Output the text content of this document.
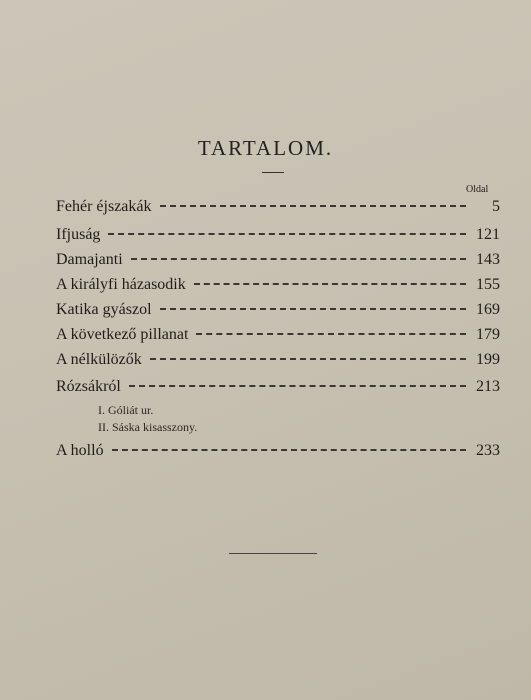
TARTALOM.
Oldal
Fehér éjszakák	5
Ifjuság	121
Damajanti	143
A királyfi házasodik	155
Katika gyászol	169
A következő pillanat	179
A nélkülözők	199
Rózsákról	213
I. Góliát ur.
II. Sáska kisasszony.
A holló	233
